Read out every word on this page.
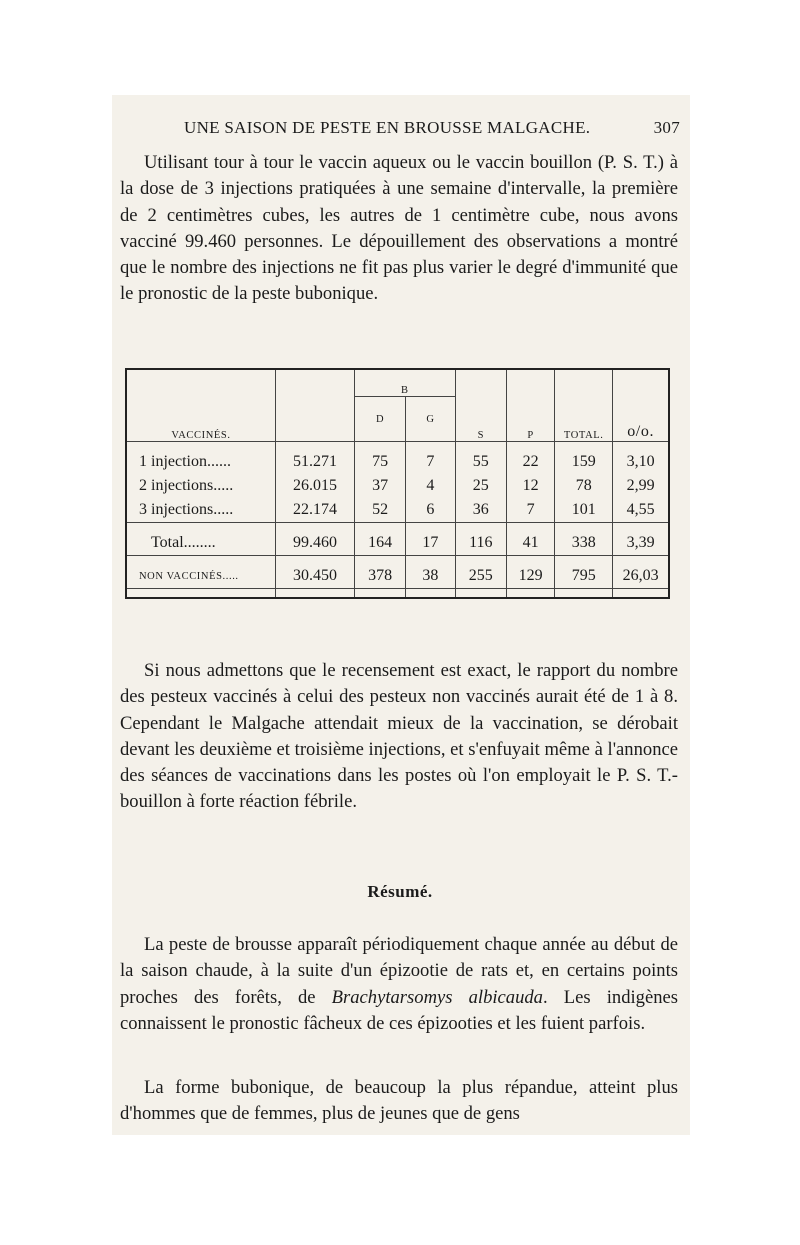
UNE SAISON DE PESTE EN BROUSSE MALGACHE.	307

Utilisant tour à tour le vaccin aqueux ou le vaccin bouillon (P. S. T.) à la dose de 3 injections pratiquées à une semaine d'intervalle, la première de 2 centimètres cubes, les autres de 1 centimètre cube, nous avons vacciné 99.460 personnes. Le dépouillement des observations a montré que le nombre des injections ne fit pas plus varier le degré d'immunité que le pronostic de la peste bubonique.

VACCINÉS.		B		S	P	TOTAL.	o/o.
		D	G				

1 injection......	51.271	75	7	55	22	159	3,10
2 injections.....	26.015	37	4	25	12	78	2,99
3 injections.....	22.174	52	6	36	7	101	4,55

Total........	99.460	164	17	116	41	338	3,39

NON VACCINÉS.....	30.450	378	38	255	129	795	26,03

Si nous admettons que le recensement est exact, le rapport du nombre des pesteux vaccinés à celui des pesteux non vaccinés aurait été de 1 à 8. Cependant le Malgache attendait mieux de la vaccination, se dérobait devant les deuxième et troisième injections, et s'enfuyait même à l'annonce des séances de vaccinations dans les postes où l'on employait le P. S. T.-bouillon à forte réaction fébrile.

Résumé.

La peste de brousse apparaît périodiquement chaque année au début de la saison chaude, à la suite d'un épizootie de rats et, en certains points proches des forêts, de Brachytarsomys albicauda. Les indigènes connaissent le pronostic fâcheux de ces épizooties et les fuient parfois.

La forme bubonique, de beaucoup la plus répandue, atteint plus d'hommes que de femmes, plus de jeunes que de gens
